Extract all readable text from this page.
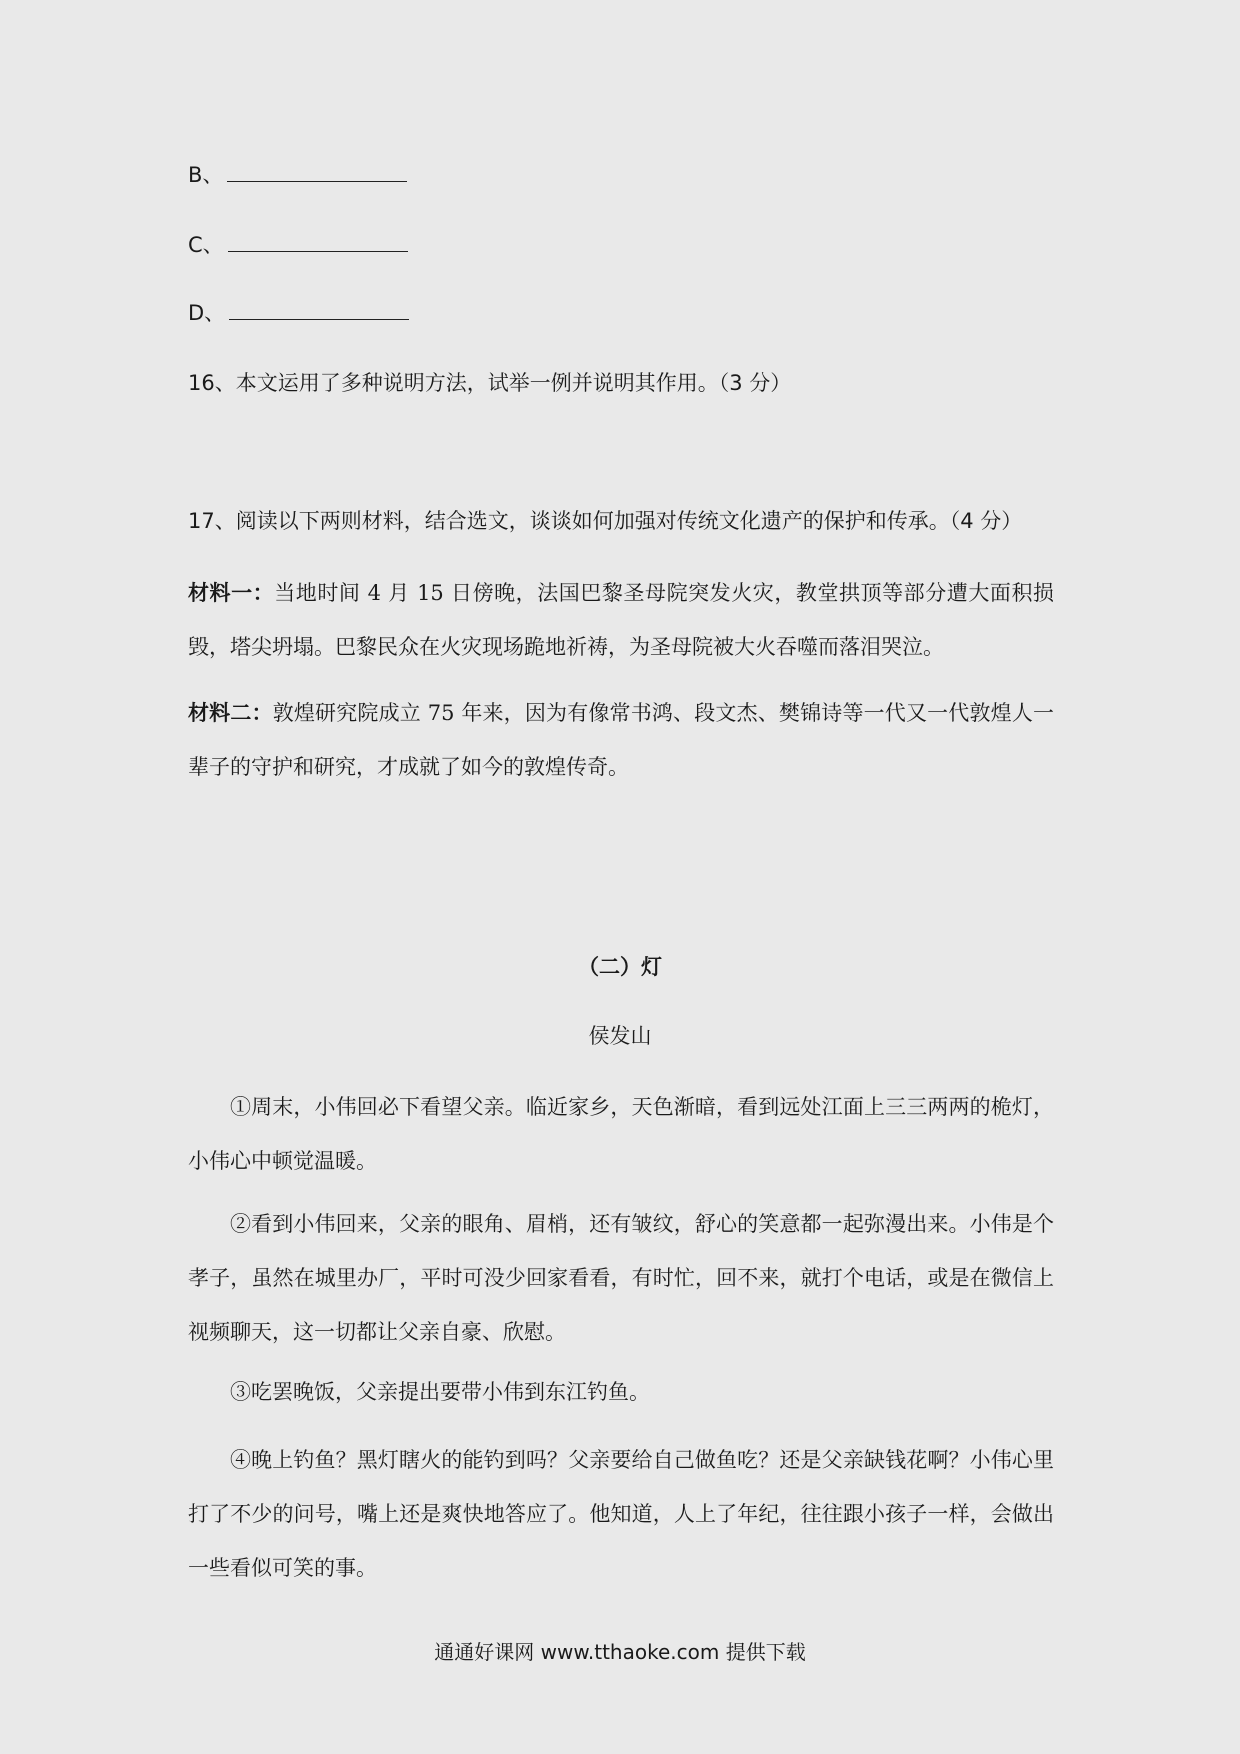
B、
C、
D、
16、本文运用了多种说明方法，试举一例并说明其作用。（3 分）
17、阅读以下两则材料，结合选文，谈谈如何加强对传统文化遗产的保护和传承。（4 分）
材料一：当地时间 4 月 15 日傍晚，法国巴黎圣母院突发火灾，教堂拱顶等部分遭大面积损毁，塔尖坍塌。巴黎民众在火灾现场跪地祈祷，为圣母院被大火吞噬而落泪哭泣。
材料二：敦煌研究院成立 75 年来，因为有像常书鸿、段文杰、樊锦诗等一代又一代敦煌人一辈子的守护和研究，才成就了如今的敦煌传奇。
（二）灯
侯发山
①周末，小伟回必下看望父亲。临近家乡，天色渐暗，看到远处江面上三三两两的桅灯，小伟心中顿觉温暖。
②看到小伟回来，父亲的眼角、眉梢，还有皱纹，舒心的笑意都一起弥漫出来。小伟是个孝子，虽然在城里办厂，平时可没少回家看看，有时忙，回不来，就打个电话，或是在微信上视频聊天，这一切都让父亲自豪、欣慰。
③吃罢晚饭，父亲提出要带小伟到东江钓鱼。
④晚上钓鱼？黑灯瞎火的能钓到吗？父亲要给自己做鱼吃？还是父亲缺钱花啊？小伟心里打了不少的问号，嘴上还是爽快地答应了。他知道，人上了年纪，往往跟小孩子一样，会做出一些看似可笑的事。
通通好课网 www.tthaoke.com 提供下载
